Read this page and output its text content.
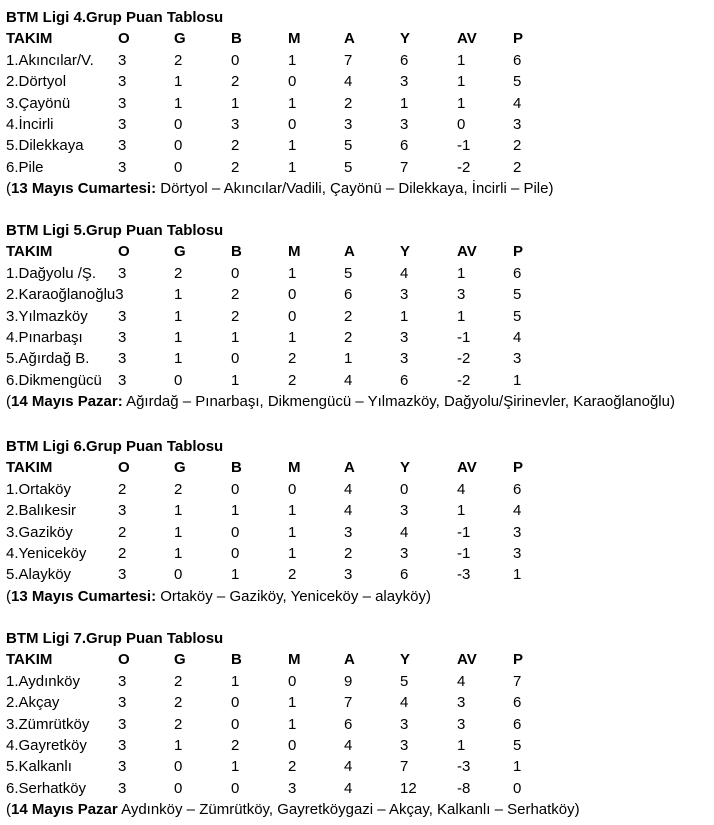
BTM Ligi 4.Grup Puan Tablosu
TAKIM	O	G	B	M	A	Y	AV P
1.Akıncılar/V. 3	2	0	1	7	6	1	6
2.Dörtyol	3	1	2	0	4	3	1	5
3.Çayönü	3	1	1	1	2	1	1	4
4.İncirli	3	0	3	0	3	3	0	3
5.Dilekkaya 3	0	2	1	5	6	-1	2
6.Pile	3	0	2	1	5	7	-2	2
(13 Mayıs Cumartesi: Dörtyol – Akıncılar/Vadili, Çayönü – Dilekkaya, İncirli – Pile)
BTM Ligi 5.Grup Puan Tablosu
TAKIM	O	G	B	M	A	Y	AV P
1.Dağyolu /Ş. 3	2	0	1	5	4	1	6
2.Karaoğlanoğlu3	1	2	0	6	3	3	5
3.Yılmazköy 3	1	2	0	2	1	1	5
4.Pınarbaşı 3	1	1	1	2	3	-1	4
5.Ağırdağ B. 3	1	0	2	1	3	-2	3
6.Dikmengücü 3	0	1	2	4	6	-2	1
(14 Mayıs Pazar: Ağırdağ – Pınarbaşı, Dikmengücü – Yılmazköy, Dağyolu/Şirinevler, Karaoğlanoğlu)
BTM Ligi 6.Grup Puan Tablosu
TAKIM	O	G	B	M	A	Y	AV P
1.Ortaköy	2	2	0	0	4	0	4	6
2.Balıkesir	3	1	1	1	4	3	1	4
3.Gaziköy	2	1	0	1	3	4	-1	3
4.Yeniceköy 2	1	0	1	2	3	-1	3
5.Alayköy	3	0	1	2	3	6	-3	1
(13 Mayıs Cumartesi: Ortaköy – Gaziköy, Yeniceköy – alayköy)
BTM Ligi 7.Grup Puan Tablosu
TAKIM	O	G	B	M	A	Y	AV P
1.Aydınköy	3	2	1	0	9	5	4	7
2.Akçay	3	2	0	1	7	4	3	6
3.Zümrütköy 3	2	0	1	6	3	3	6
4.Gayretköy 3	1	2	0	4	3	1	5
5.Kalkanlı	3	0	1	2	4	7	-3	1
6.Serhatköy 3	0	0	3	4	12	-8	0
(14 Mayıs Pazar Aydınköy – Zümrütköy, Gayretköygazi – Akçay, Kalkanlı – Serhatköy)
